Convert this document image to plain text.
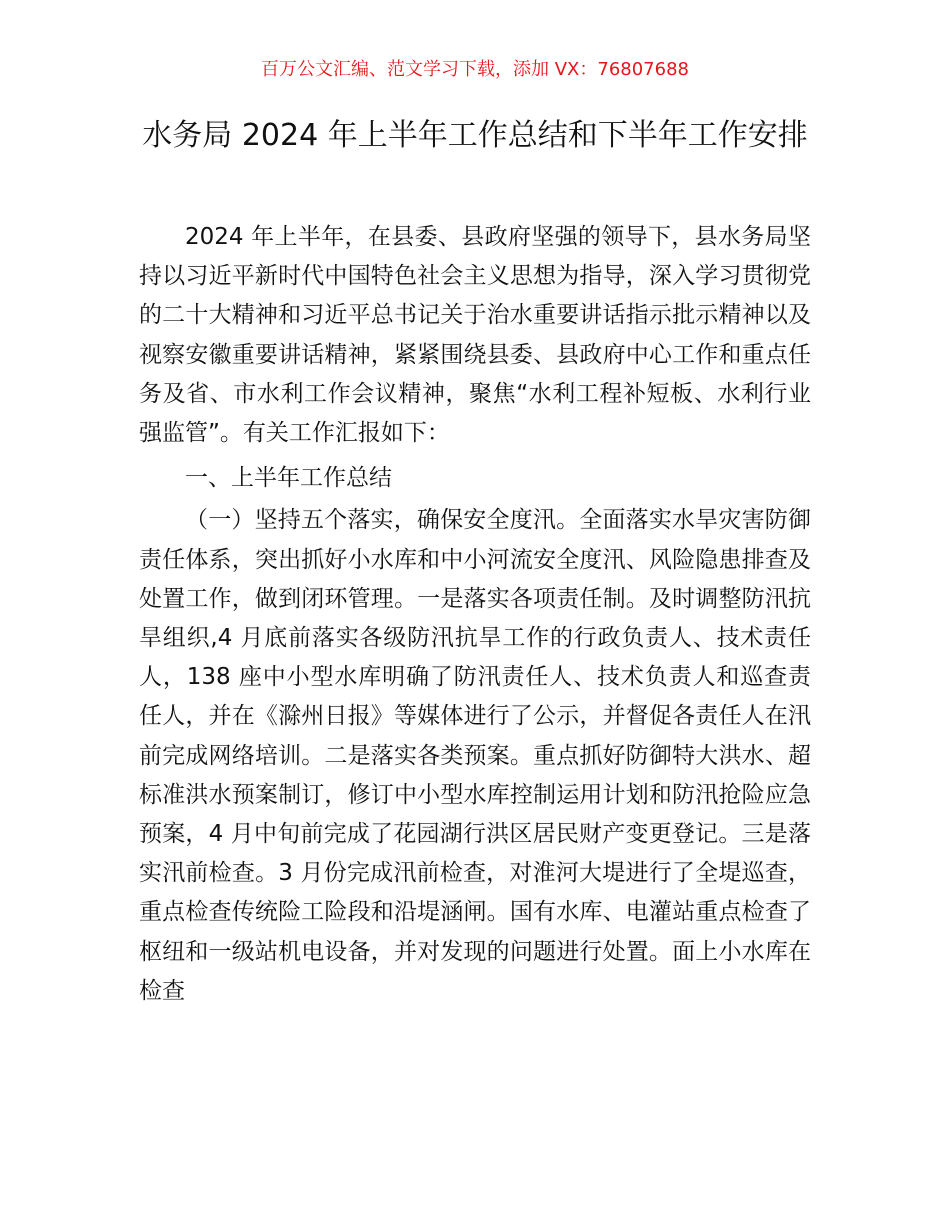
百万公文汇编、范文学习下载，添加 VX：76807688
水务局 2024 年上半年工作总结和下半年工作安排

2024 年上半年，在县委、县政府坚强的领导下，县水务局坚持以习近平新时代中国特色社会主义思想为指导，深入学习贯彻党的二十大精神和习近平总书记关于治水重要讲话指示批示精神以及视察安徽重要讲话精神，紧紧围绕县委、县政府中心工作和重点任务及省、市水利工作会议精神，聚焦“水利工程补短板、水利行业强监管”。有关工作汇报如下：

一、上半年工作总结

（一）坚持五个落实，确保安全度汛。全面落实水旱灾害防御责任体系，突出抓好小水库和中小河流安全度汛、风险隐患排查及处置工作，做到闭环管理。一是落实各项责任制。及时调整防汛抗旱组织,4 月底前落实各级防汛抗旱工作的行政负责人、技术责任人，138 座中小型水库明确了防汛责任人、技术负责人和巡查责任人，并在《滁州日报》等媒体进行了公示，并督促各责任人在汛前完成网络培训。二是落实各类预案。重点抓好防御特大洪水、超标准洪水预案制订，修订中小型水库控制运用计划和防汛抢险应急预案，4 月中旬前完成了花园湖行洪区居民财产变更登记。三是落实汛前检查。3 月份完成汛前检查，对淮河大堤进行了全堤巡查，重点检查传统险工险段和沿堤涵闸。国有水库、电灌站重点检查了枢纽和一级站机电设备，并对发现的问题进行处置。面上小水库在检查
